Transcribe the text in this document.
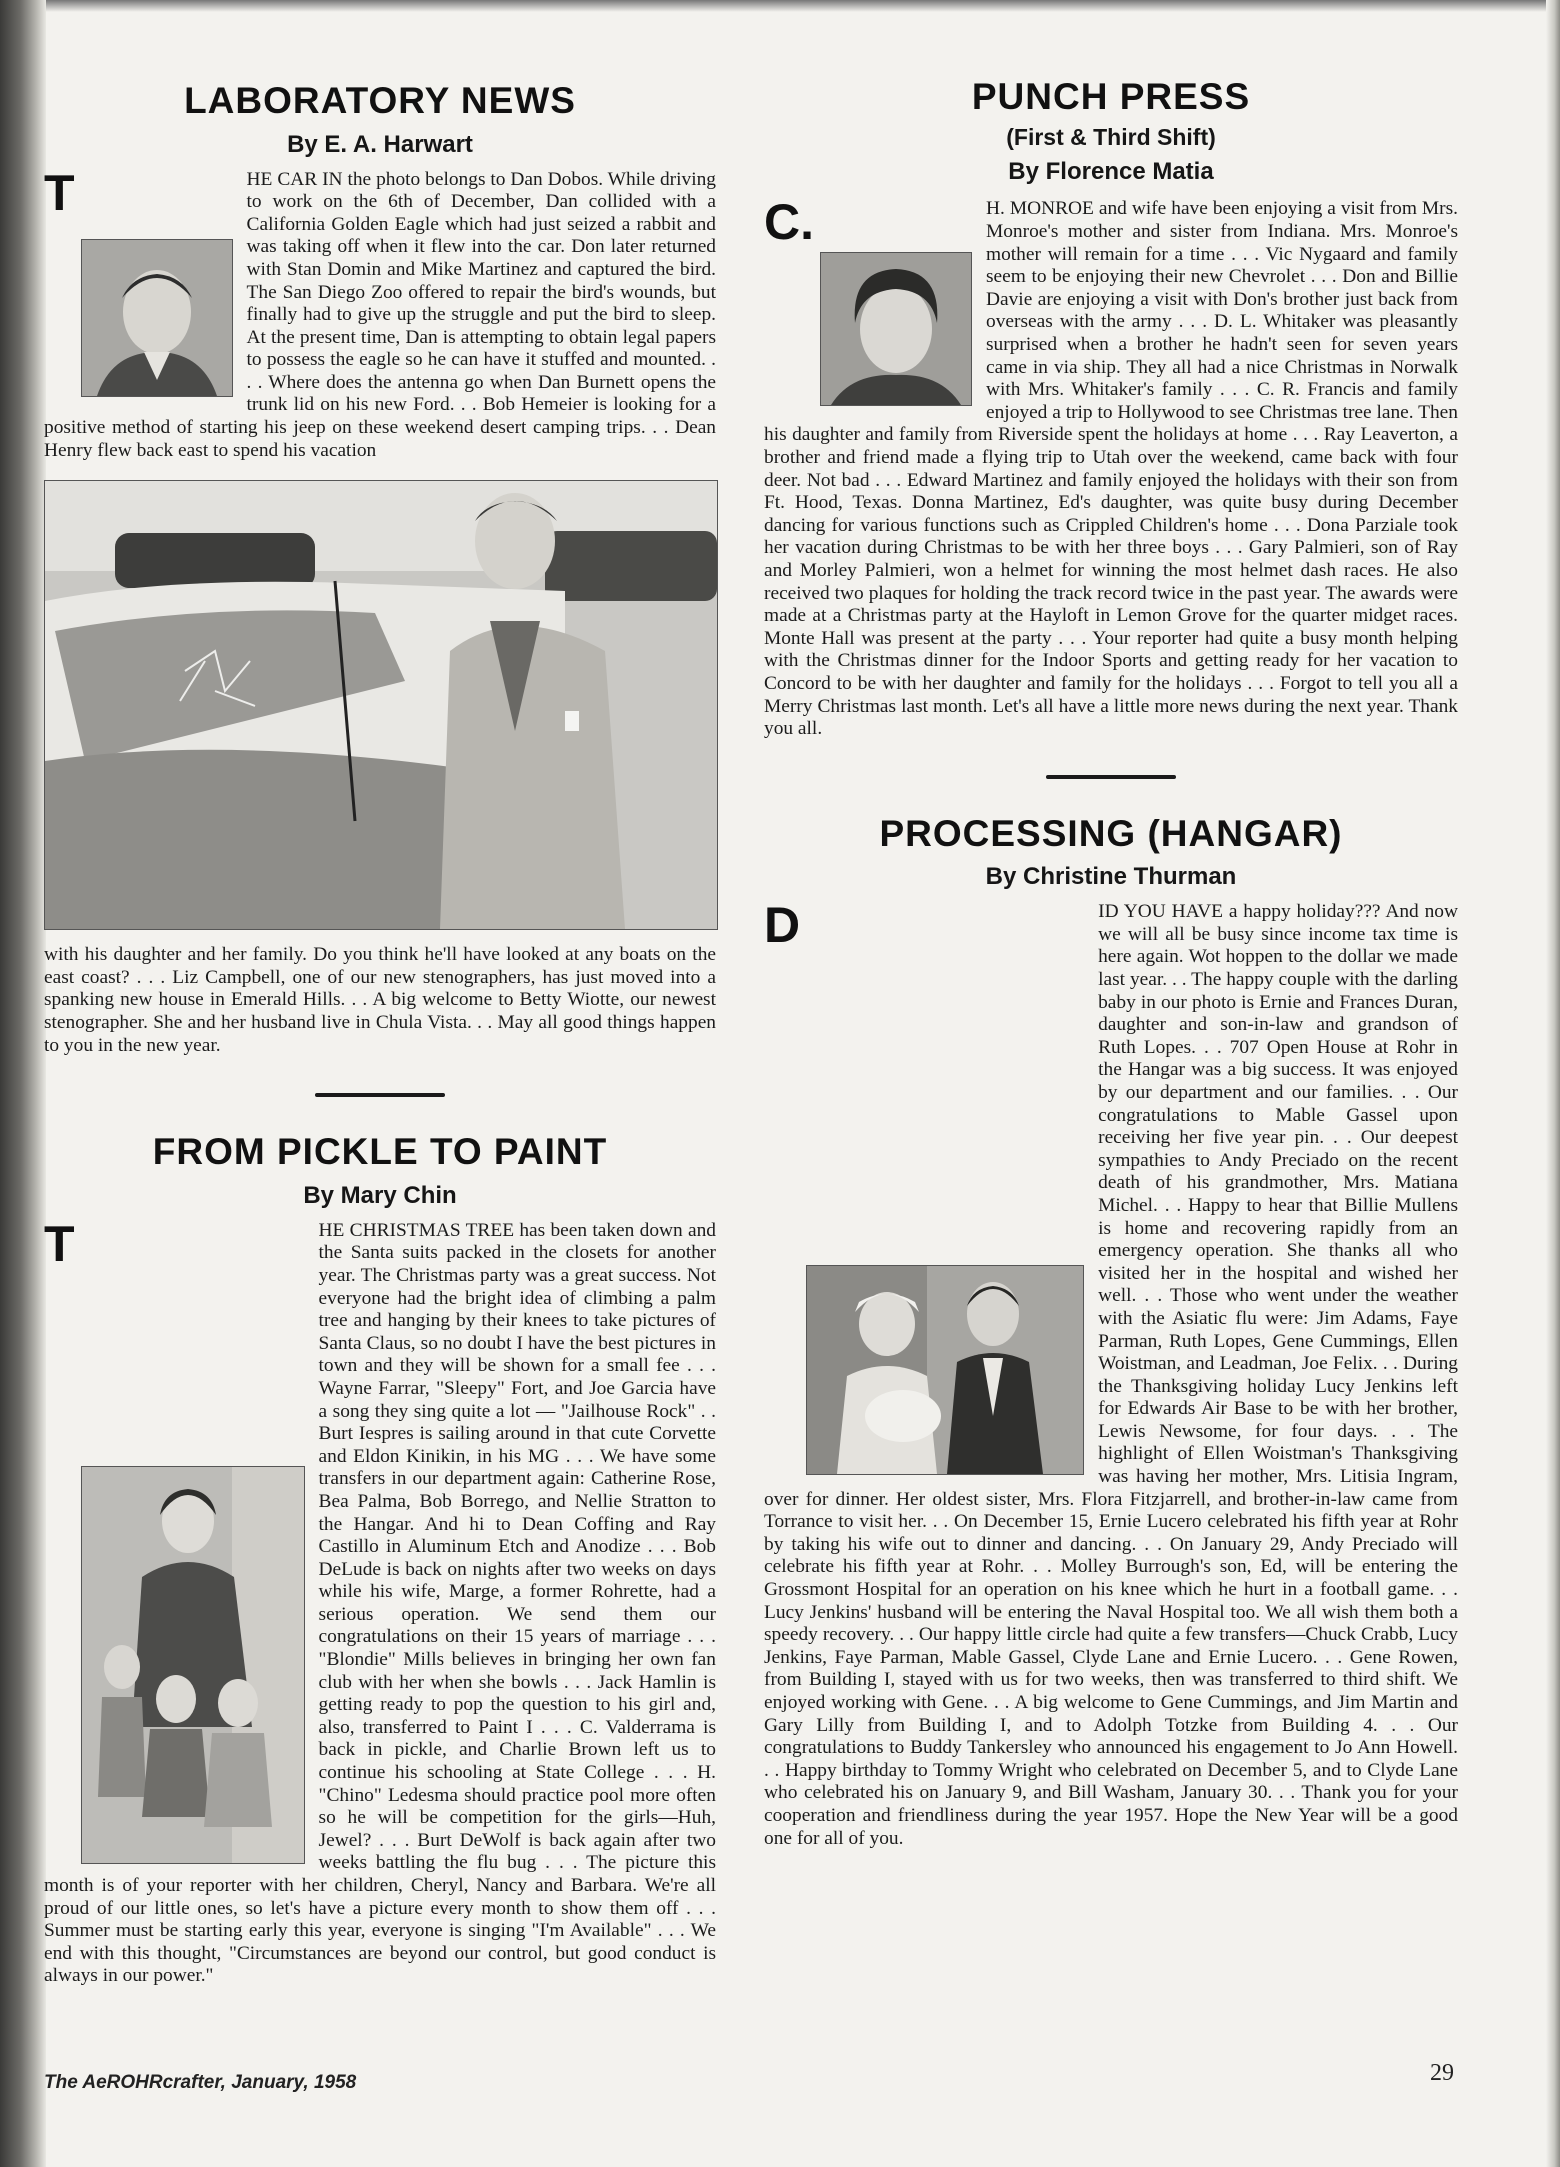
LABORATORY NEWS
By E. A. Harwart

T	HE CAR IN the photo belongs to Dan Dobos. While driving to work on the 6th of December, Dan collided with a California Golden Eagle which had just seized a rabbit and was taking off when it flew into the car. Don later returned with Stan Domin and Mike Martinez and captured the bird. The San Diego Zoo offered to repair the bird's wounds, but finally had to give up the struggle and put the bird to sleep. At the present time, Dan is attempting to obtain legal papers to possess the eagle so he can have it stuffed and mounted. . . . Where does the antenna go when Dan Burnett opens the trunk lid on his new Ford. . . Bob Hemeier is looking for a positive method of starting his jeep on these weekend desert camping trips. . . Dean Henry flew back east to spend his vacation

with his daughter and her family. Do you think he'll have looked at any boats on the east coast? . . . Liz Campbell, one of our new stenographers, has just moved into a spanking new house in Emerald Hills. . . A big welcome to Betty Wiotte, our newest stenographer. She and her husband live in Chula Vista. . . May all good things happen to you in the new year.

FROM PICKLE TO PAINT
By Mary Chin

T	HE CHRISTMAS TREE has been taken down and the Santa suits packed in the closets for another year. The Christmas party was a great success. Not everyone had the bright idea of climbing a palm tree and hanging by their knees to take pictures of Santa Claus, so no doubt I have the best pictures in town and they will be shown for a small fee . . . Wayne Farrar, "Sleepy" Fort, and Joe Garcia have a song they sing quite a lot — "Jailhouse Rock" . . Burt Iespres is sailing around in that cute Corvette and Eldon Kinikin, in his MG . . . We have some transfers in our department again: Catherine Rose, Bea Palma, Bob Borrego, and Nellie Stratton to the Hangar. And hi to Dean Coffing and Ray Castillo in Aluminum Etch and Anodize . . . Bob DeLude is back on nights after two weeks on days while his wife, Marge, a former Rohrette, had a serious operation. We send them our congratulations on their 15 years of marriage . . . "Blondie" Mills believes in bringing her own fan club with her when she bowls . . . Jack Hamlin is getting ready to pop the question to his girl and, also, transferred to Paint I . . . C. Valderrama is back in pickle, and Charlie Brown left us to continue his schooling at State College . . . H. "Chino" Ledesma should practice pool more often so he will be competition for the girls—Huh, Jewel? . . . Burt DeWolf is back again after two weeks battling the flu bug . . . The picture this month is of your reporter with her children, Cheryl, Nancy and Barbara. We're all proud of our little ones, so let's have a picture every month to show them off . . . Summer must be starting early this year, everyone is singing "I'm Available" . . . We end with this thought, "Circumstances are beyond our control, but good conduct is always in our power."

PUNCH PRESS
(First & Third Shift)
By Florence Matia

C.	H. MONROE and wife have been enjoying a visit from Mrs. Monroe's mother and sister from Indiana. Mrs. Monroe's mother will remain for a time . . . Vic Nygaard and family seem to be enjoying their new Chevrolet . . . Don and Billie Davie are enjoying a visit with Don's brother just back from overseas with the army . . . D. L. Whitaker was pleasantly surprised when a brother he hadn't seen for seven years came in via ship. They all had a nice Christmas in Norwalk with Mrs. Whitaker's family . . . C. R. Francis and family enjoyed a trip to Hollywood to see Christmas tree lane. Then his daughter and family from Riverside spent the holidays at home . . . Ray Leaverton, a brother and friend made a flying trip to Utah over the weekend, came back with four deer. Not bad . . . Edward Martinez and family enjoyed the holidays with their son from Ft. Hood, Texas. Donna Martinez, Ed's daughter, was quite busy during December dancing for various functions such as Crippled Children's home . . . Dona Parziale took her vacation during Christmas to be with her three boys . . . Gary Palmieri, son of Ray and Morley Palmieri, won a helmet for winning the most helmet dash races. He also received two plaques for holding the track record twice in the past year. The awards were made at a Christmas party at the Hayloft in Lemon Grove for the quarter midget races. Monte Hall was present at the party . . . Your reporter had quite a busy month helping with the Christmas dinner for the Indoor Sports and getting ready for her vacation to Concord to be with her daughter and family for the holidays . . . Forgot to tell you all a Merry Christmas last month. Let's all have a little more news during the next year. Thank you all.

PROCESSING (HANGAR)
By Christine Thurman

D	ID YOU HAVE a happy holiday??? And now we will all be busy since income tax time is here again. Wot hoppen to the dollar we made last year. . . The happy couple with the darling baby in our photo is Ernie and Frances Duran, daughter and son-in-law and grandson of Ruth Lopes. . . 707 Open House at Rohr in the Hangar was a big success. It was enjoyed by our department and our families. . . Our congratulations to Mable Gassel upon receiving her five year pin. . . Our deepest sympathies to Andy Preciado on the recent death of his grandmother, Mrs. Matiana Michel. . . Happy to hear that Billie Mullens is home and recovering rapidly from an emergency operation. She thanks all who visited her in the hospital and wished her well. . . Those who went under the weather with the Asiatic flu were: Jim Adams, Faye Parman, Ruth Lopes, Gene Cummings, Ellen Woistman, and Leadman, Joe Felix. . . During the Thanksgiving holiday Lucy Jenkins left for Edwards Air Base to be with her brother, Lewis Newsome, for four days. . . The highlight of Ellen Woistman's Thanksgiving was having her mother, Mrs. Litisia Ingram, over for dinner. Her oldest sister, Mrs. Flora Fitzjarrell, and brother-in-law came from Torrance to visit her. . . On December 15, Ernie Lucero celebrated his fifth year at Rohr by taking his wife out to dinner and dancing. . . On January 29, Andy Preciado will celebrate his fifth year at Rohr. . . Molley Burrough's son, Ed, will be entering the Grossmont Hospital for an operation on his knee which he hurt in a football game. . . Lucy Jenkins' husband will be entering the Naval Hospital too. We all wish them both a speedy recovery. . . Our happy little circle had quite a few transfers—Chuck Crabb, Lucy Jenkins, Faye Parman, Mable Gassel, Clyde Lane and Ernie Lucero. . . Gene Rowen, from Building I, stayed with us for two weeks, then was transferred to third shift. We enjoyed working with Gene. . . A big welcome to Gene Cummings, and Jim Martin and Gary Lilly from Building I, and to Adolph Totzke from Building 4. . . Our congratulations to Buddy Tankersley who announced his engagement to Jo Ann Howell. . . Happy birthday to Tommy Wright who celebrated on December 5, and to Clyde Lane who celebrated his on January 9, and Bill Washam, January 30. . . Thank you for your cooperation and friendliness during the year 1957. Hope the New Year will be a good one for all of you.

The AeROHRcrafter, January, 1958	29
